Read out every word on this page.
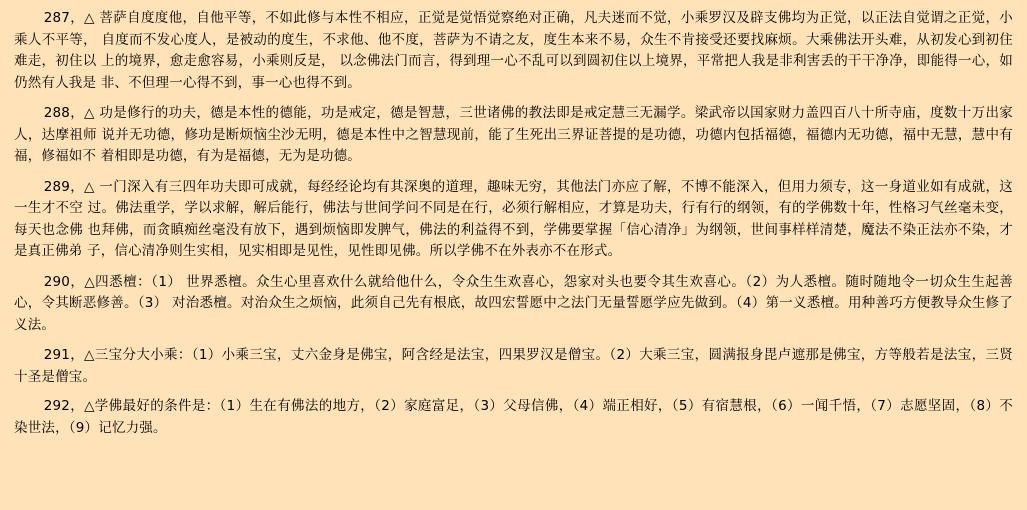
287，△ 菩萨自度度他，自他平等，不如此修与本性不相应，正觉是觉悟觉察绝对正确，凡夫迷而不觉，小乘罗汉及辟支佛均为正觉，以正法自觉谓之正觉，小乘人不平等， 自度而不发心度人，是被动的度生，不求他、他不度，菩萨为不请之友，度生本来不易，众生不肯接受还要找麻烦。大乘佛法开头难，从初发心到初住难走，初住以 上的境界，愈走愈容易，小乘则反是， 以念佛法门而言，得到理一心不乱可以到圆初住以上境界，平常把人我是非利害丢的干干净净，即能得一心，如仍然有人我是 非、不但理一心得不到，事一心也得不到。

288，△ 功是修行的功夫，德是本性的德能，功是戒定，德是智慧，三世诸佛的教法即是戒定慧三无漏学。梁武帝以国家财力盖四百八十所寺庙，度数十万出家人，达摩祖师 说并无功德，修功是断烦恼尘沙无明，德是本性中之智慧现前，能了生死出三界证菩提的是功德，功德内包括福德，福德内无功德，福中无慧，慧中有福，修福如不 着相即是功德，有为是福德，无为是功德。

289，△ 一门深入有三四年功夫即可成就，每经经论均有其深奥的道理，趣味无穷，其他法门亦应了解，不博不能深入，但用力须专，这一身道业如有成就，这一生才不空 过。佛法重学，学以求解，解后能行，佛法与世间学问不同是在行，必须行解相应，才算是功夫，行有行的纲领，有的学佛数十年，性格习气丝毫未变，每天也念佛 也拜佛，而贪瞋痴丝毫没有放下，遇到烦恼即发脾气，佛法的利益得不到，学佛要掌握「信心清净」为纲领，世间事样样清楚，魔法不染正法亦不染，才是真正佛弟 子，信心清净则生实相，见实相即是见性，见性即见佛。所以学佛不在外表亦不在形式。

290，△四悉檀：（1） 世界悉檀。众生心里喜欢什么就给他什么，令众生生欢喜心，怨家对头也要令其生欢喜心。（2）为人悉檀。随时随地令一切众生生起善心，令其断恶修善。（3） 对治悉檀。对治众生之烦恼，此须自己先有根底，故四宏誓愿中之法门无量誓愿学应先做到。（4）第一义悉檀。用种善巧方便教导众生修了义法。

291，△三宝分大小乘：（1）小乘三宝，丈六金身是佛宝，阿含经是法宝，四果罗汉是僧宝。（2）大乘三宝，圆满报身毘卢遮那是佛宝，方等般若是法宝，三贤十圣是僧宝。

292，△学佛最好的条件是：（1）生在有佛法的地方，（2）家庭富足，（3）父母信佛，（4）端正相好，（5）有宿慧根，（6）一闻千悟，（7）志愿坚固，（8）不染世法，（9）记忆力强。
